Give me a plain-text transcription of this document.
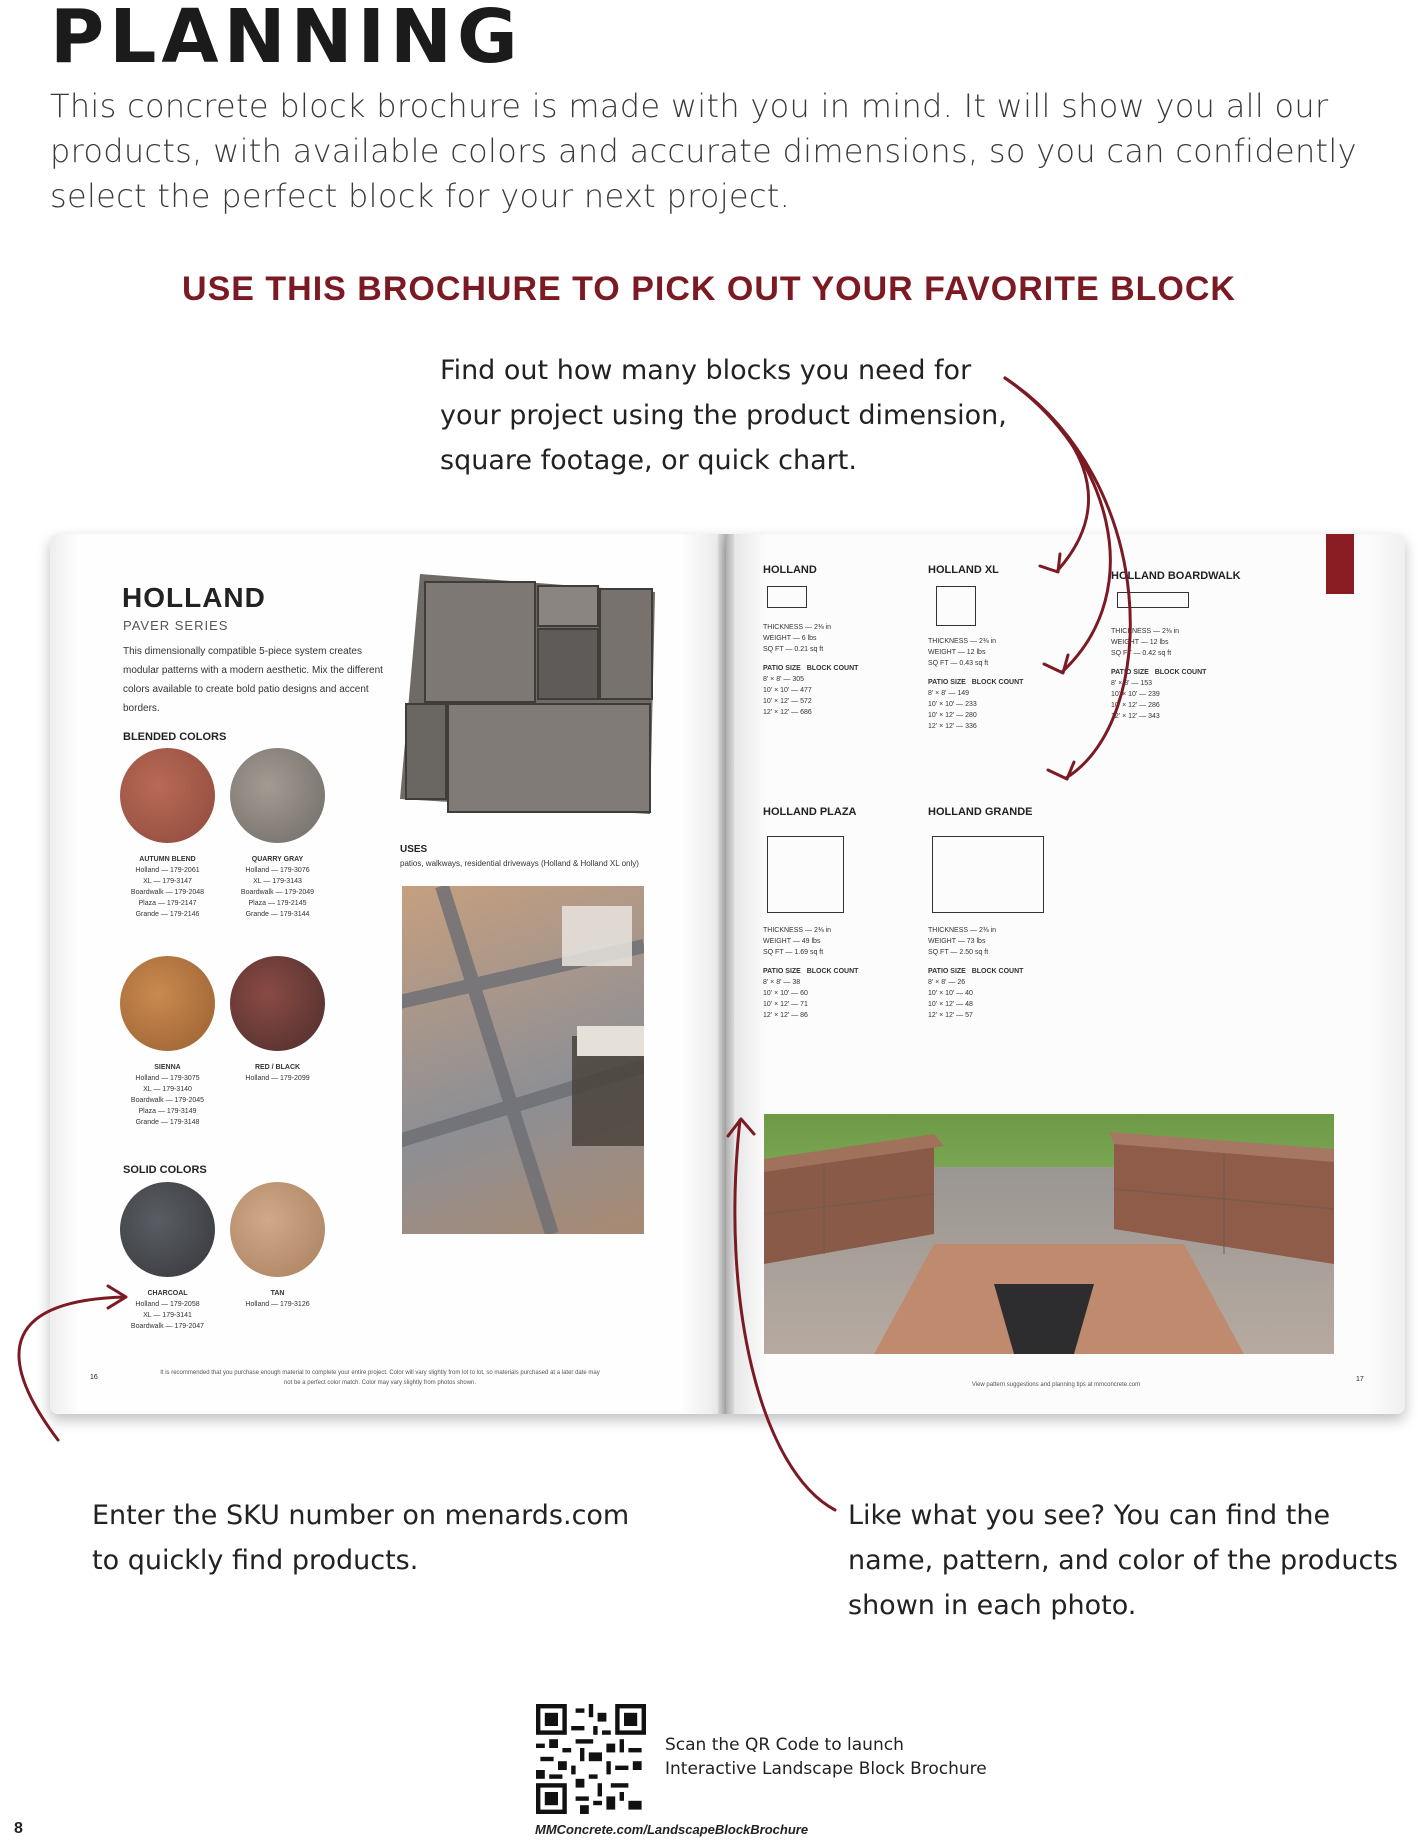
PLANNING
This concrete block brochure is made with you in mind. It will show you all our products, with available colors and accurate dimensions, so you can confidently select the perfect block for your next project.
USE THIS BROCHURE TO PICK OUT YOUR FAVORITE BLOCK
Find out how many blocks you need for your project using the product dimension, square footage, or quick chart.
HOLLAND
PAVER SERIES
This dimensionally compatible 5-piece system creates modular patterns with a modern aesthetic. Mix the different colors available to create bold patio designs and accent borders.
BLENDED COLORS
AUTUMN BLEND
Holland — 179-2061
XL — 179-3147
Boardwalk — 179-2048
Plaza — 179-2147
Grande — 179-2146
QUARRY GRAY
Holland — 179-3076
XL — 179-3143
Boardwalk — 179-2049
Plaza — 179-2145
Grande — 179-3144
SIENNA
Holland — 179-3075
XL — 179-3140
Boardwalk — 179-2045
Plaza — 179-3149
Grande — 179-3148
RED / BLACK
Holland — 179-2099
SOLID COLORS
CHARCOAL
Holland — 179-2058
XL — 179-3141
Boardwalk — 179-2047
TAN
Holland — 179-3126
USES
patios, walkways, residential driveways (Holland & Holland XL only)
16
It is recommended that you purchase enough material to complete your entire project. Color will vary slightly from lot to lot, so materials purchased at a later date may not be a perfect color match. Color may vary slightly from photos shown.
HOLLAND
THICKNESS — 2⅜ in
WEIGHT — 6 lbs
SQ FT — 0.21 sq ft
PATIO SIZE BLOCK COUNT
8' × 8' — 305
10' × 10' — 477
10' × 12' — 572
12' × 12' — 686
HOLLAND XL
THICKNESS — 2⅜ in
WEIGHT — 12 lbs
SQ FT — 0.43 sq ft
PATIO SIZE BLOCK COUNT
8' × 8' — 149
10' × 10' — 233
10' × 12' — 280
12' × 12' — 336
HOLLAND BOARDWALK
THICKNESS — 2⅜ in
WEIGHT — 12 lbs
SQ FT — 0.42 sq ft
PATIO SIZE BLOCK COUNT
8' × 8' — 153
10' × 10' — 239
10' × 12' — 286
12' × 12' — 343
HOLLAND PLAZA
THICKNESS — 2⅜ in
WEIGHT — 49 lbs
SQ FT — 1.69 sq ft
PATIO SIZE BLOCK COUNT
8' × 8' — 38
10' × 10' — 60
10' × 12' — 71
12' × 12' — 86
HOLLAND GRANDE
THICKNESS — 2⅜ in
WEIGHT — 73 lbs
SQ FT — 2.50 sq ft
PATIO SIZE BLOCK COUNT
8' × 8' — 26
10' × 10' — 40
10' × 12' — 48
12' × 12' — 57
View pattern suggestions and planning tips at mmconcrete.com
17
Enter the SKU number on menards.com to quickly find products.
Like what you see? You can find the name, pattern, and color of the products shown in each photo.
Scan the QR Code to launch
Interactive Landscape Block Brochure
8	MMConcrete.com/LandscapeBlockBrochure
